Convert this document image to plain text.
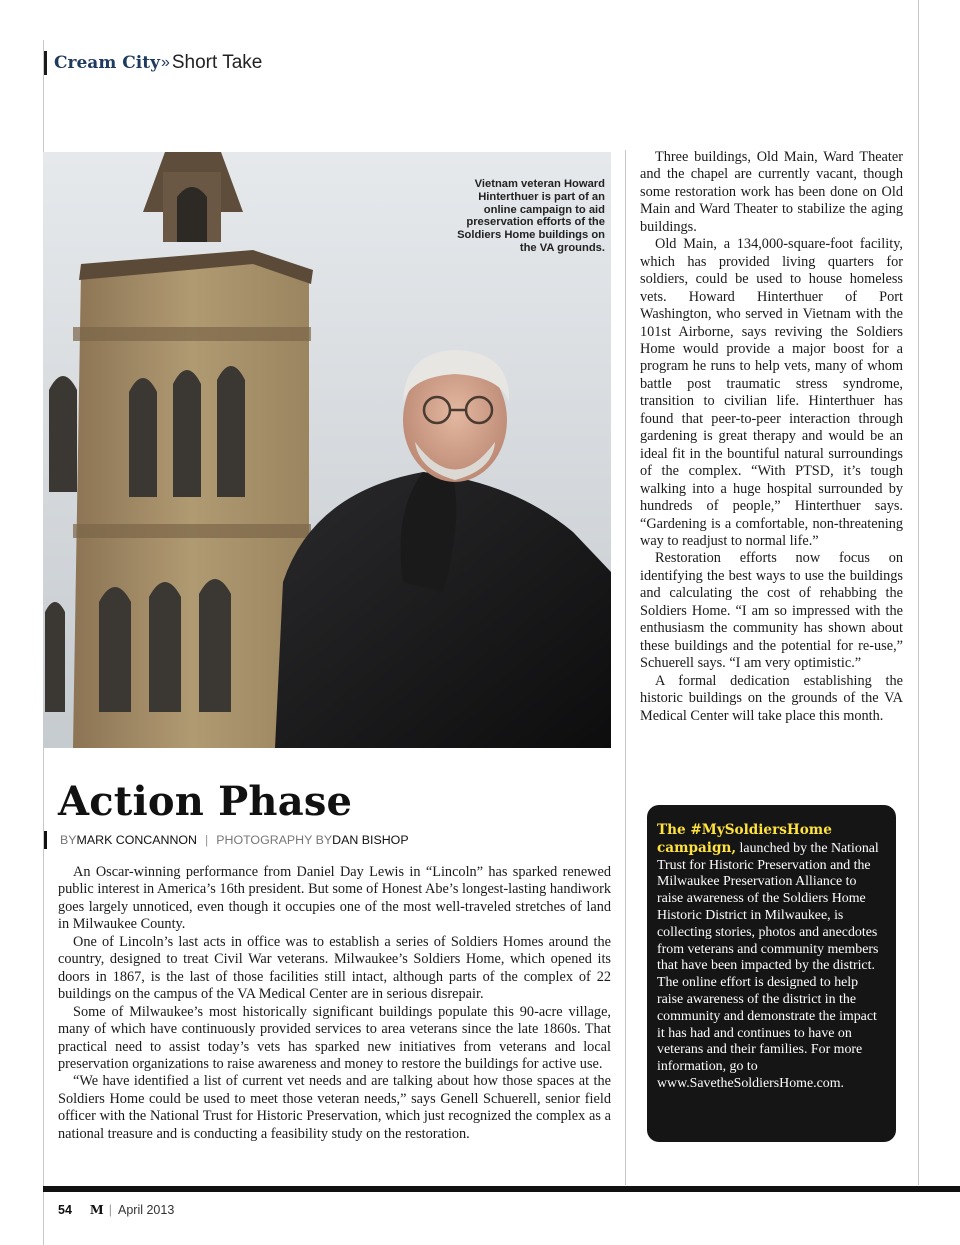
Cream City » Short Take
Vietnam veteran Howard Hinterthuer is part of an online campaign to aid preservation efforts of the Soldiers Home buildings on the VA grounds.
Action Phase
BY MARK CONCANNON | PHOTOGRAPHY BY DAN BISHOP

An Oscar-winning performance from Daniel Day Lewis in “Lincoln” has sparked renewed public interest in America’s 16th president. But some of Honest Abe’s longest-lasting handiwork goes largely unnoticed, even though it occupies one of the most well-traveled stretches of land in Milwaukee County.

One of Lincoln’s last acts in office was to establish a series of Soldiers Homes around the country, designed to treat Civil War veterans. Milwaukee’s Soldiers Home, which opened its doors in 1867, is the last of those facilities still intact, although parts of the complex of 22 buildings on the campus of the VA Medical Center are in serious disrepair.

Some of Milwaukee’s most historically significant buildings populate this 90-acre village, many of which have continuously provided services to area veterans since the late 1860s. That practical need to assist today’s vets has sparked new initiatives from veterans and local preservation organizations to raise awareness and money to restore the buildings for active use.

“We have identified a list of current vet needs and are talking about how those spaces at the Soldiers Home could be used to meet those veteran needs,” says Genell Schuerell, senior field officer with the National Trust for Historic Preservation, which just recognized the complex as a national treasure and is conducting a feasibility study on the restoration.

Three buildings, Old Main, Ward Theater and the chapel are currently vacant, though some restoration work has been done on Old Main and Ward Theater to stabilize the aging buildings.

Old Main, a 134,000-square-foot facility, which has provided living quarters for soldiers, could be used to house homeless vets. Howard Hinterthuer of Port Washington, who served in Vietnam with the 101st Airborne, says reviving the Soldiers Home would provide a major boost for a program he runs to help vets, many of whom battle post traumatic stress syndrome, transition to civilian life. Hinterthuer has found that peer-to-peer interaction through gardening is great therapy and would be an ideal fit in the bountiful natural surroundings of the complex. “With PTSD, it’s tough walking into a huge hospital surrounded by hundreds of people,” Hinterthuer says. “Gardening is a comfortable, non-threatening way to readjust to normal life.”

Restoration efforts now focus on identifying the best ways to use the buildings and calculating the cost of rehabbing the Soldiers Home. “I am so impressed with the enthusiasm the community has shown about these buildings and the potential for re-use,” Schuerell says. “I am very optimistic.”

A formal dedication establishing the historic buildings on the grounds of the VA Medical Center will take place this month.

The #MySoldiersHome campaign, launched by the National Trust for Historic Preservation and the Milwaukee Preservation Alliance to raise awareness of the Soldiers Home Historic District in Milwaukee, is collecting stories, photos and anecdotes from veterans and community members that have been impacted by the district. The online effort is designed to help raise awareness of the district in the community and demonstrate the impact it has had and continues to have on veterans and their families. For more information, go to www.SavetheSoldiersHome.com.
54 M | April 2013
